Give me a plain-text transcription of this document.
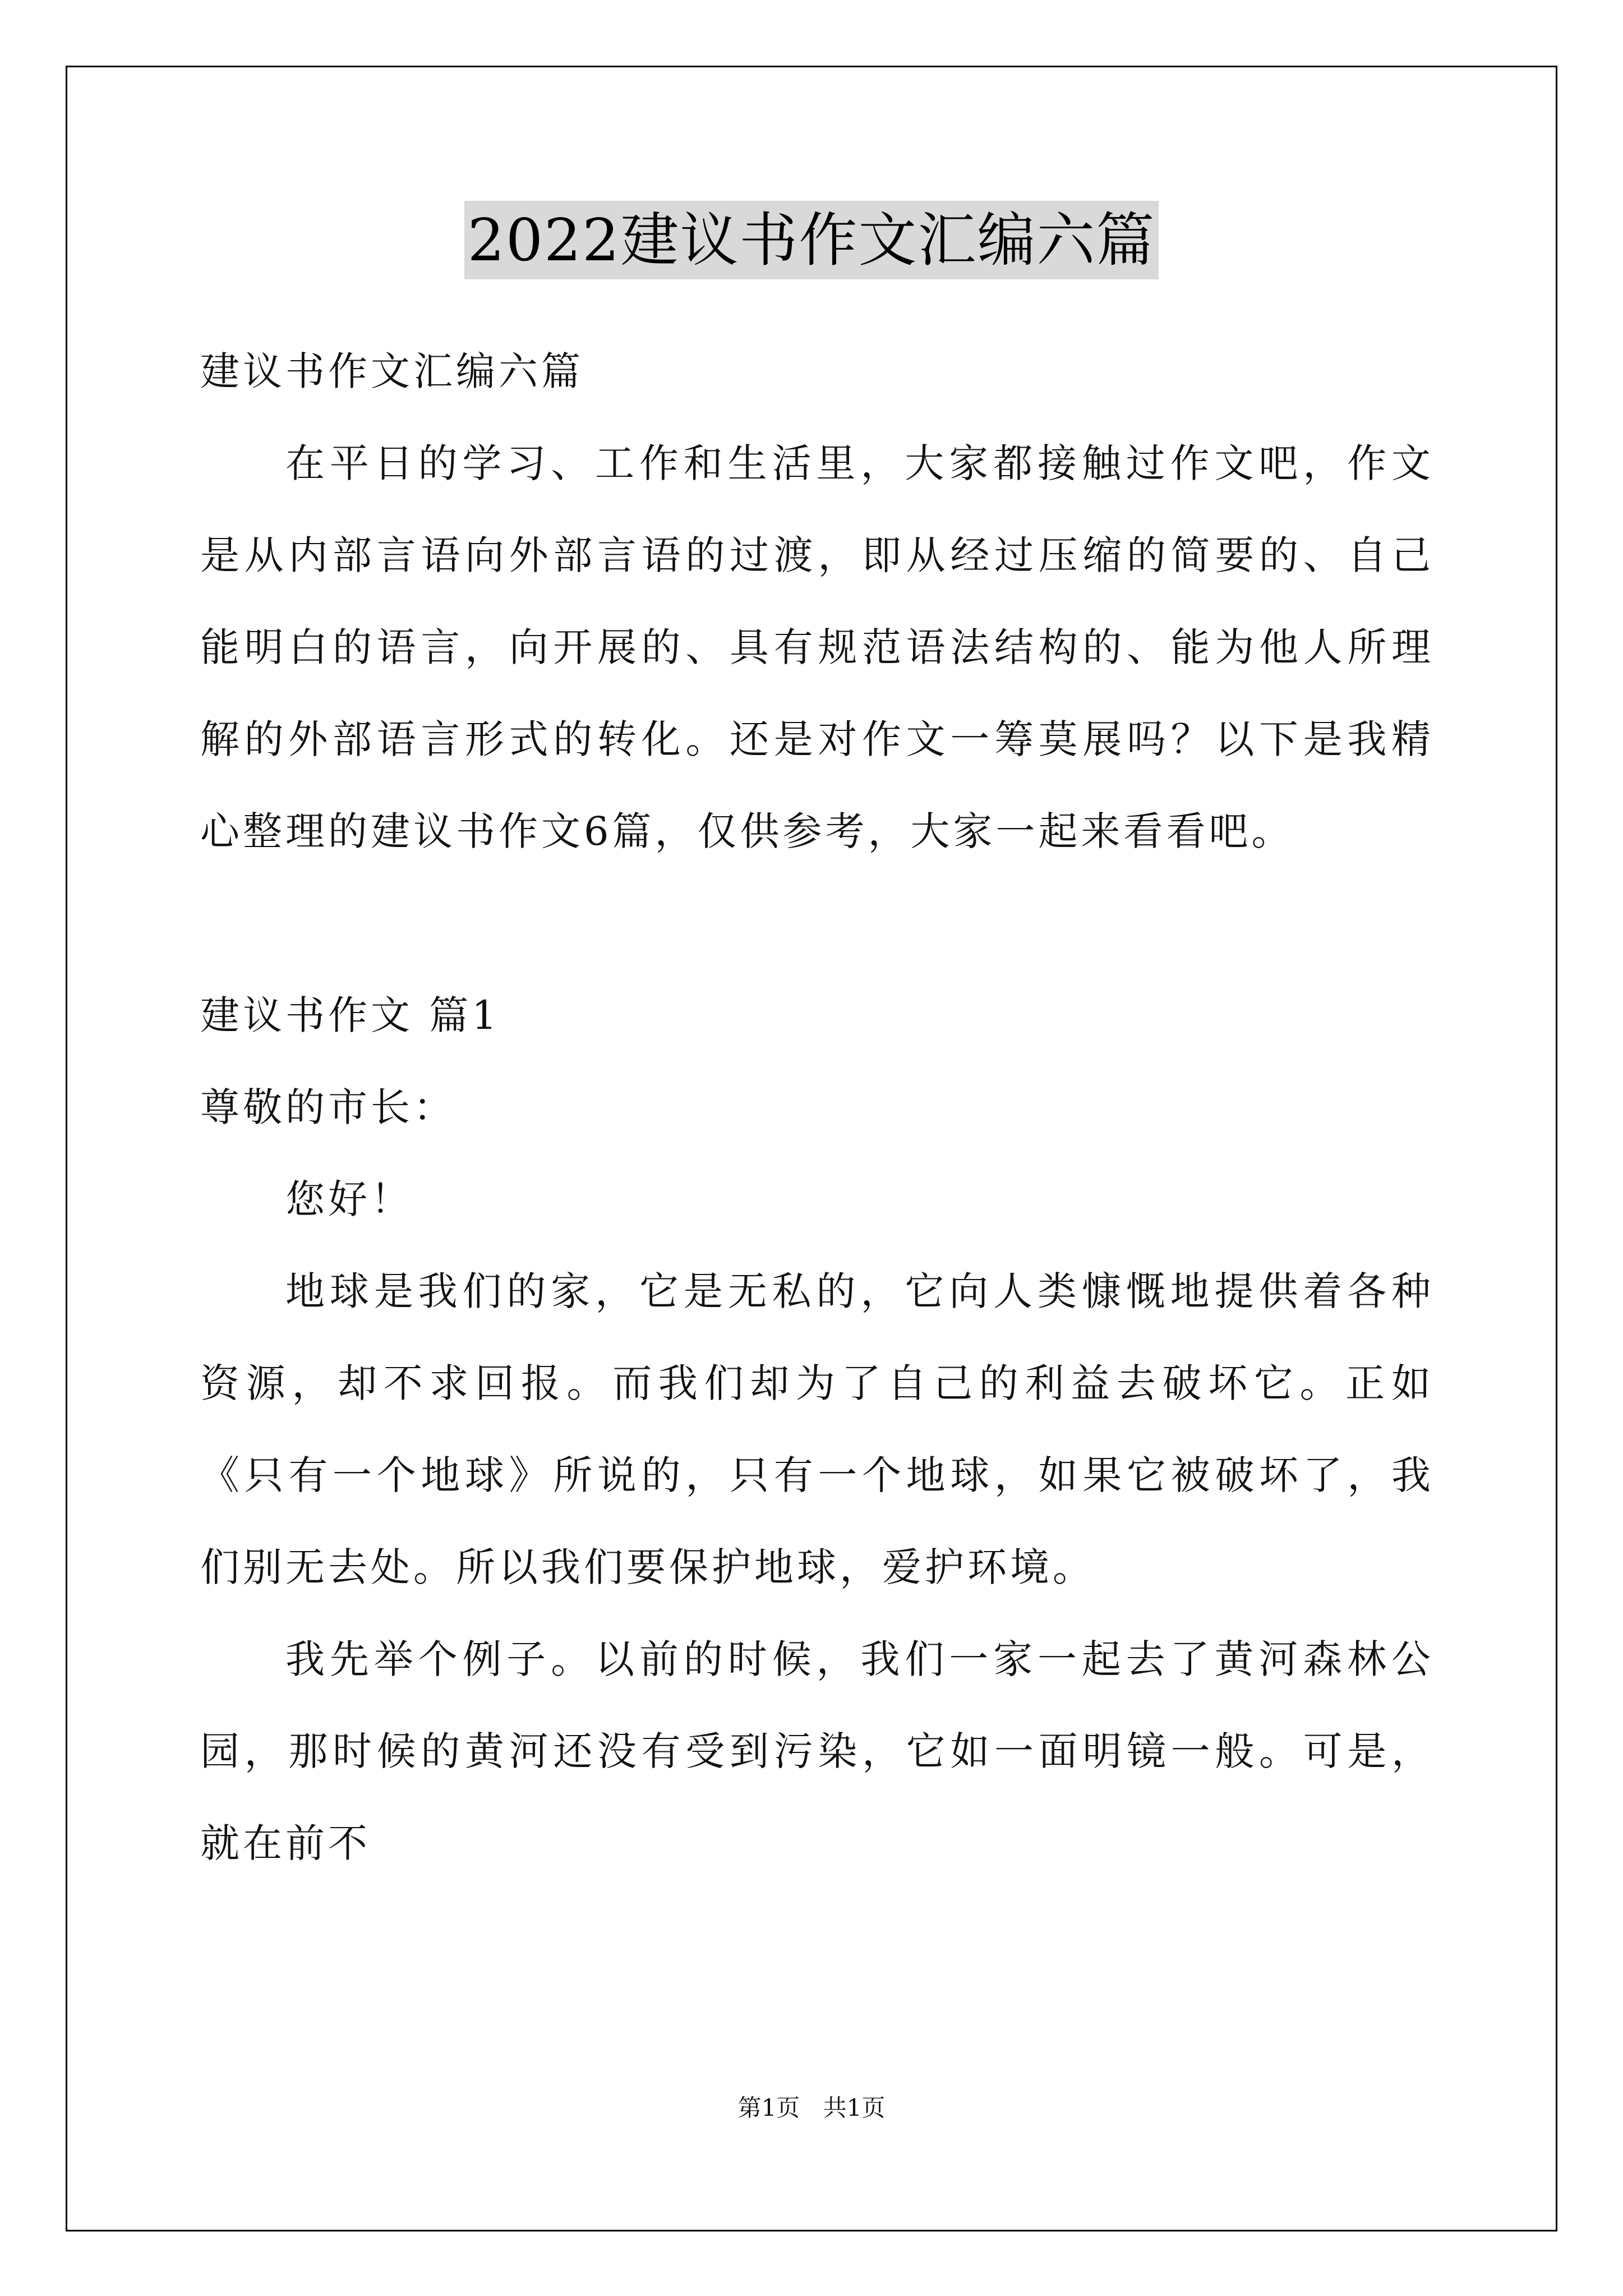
2022建议书作文汇编六篇
建议书作文汇编六篇

在平日的学习、工作和生活里，大家都接触过作文吧，作文是从内部言语向外部言语的过渡，即从经过压缩的简要的、自己能明白的语言，向开展的、具有规范语法结构的、能为他人所理解的外部语言形式的转化。还是对作文一筹莫展吗？以下是我精心整理的建议书作文6篇，仅供参考，大家一起来看看吧。

建议书作文 篇1
尊敬的市长：

您好！

地球是我们的家，它是无私的，它向人类慷慨地提供着各种资源，却不求回报。而我们却为了自己的利益去破坏它。正如《只有一个地球》所说的，只有一个地球，如果它被破坏了，我们别无去处。所以我们要保护地球，爱护环境。

我先举个例子。以前的时候，我们一家一起去了黄河森林公园，那时候的黄河还没有受到污染，它如一面明镜一般。可是，就在前不

第1页 共1页
